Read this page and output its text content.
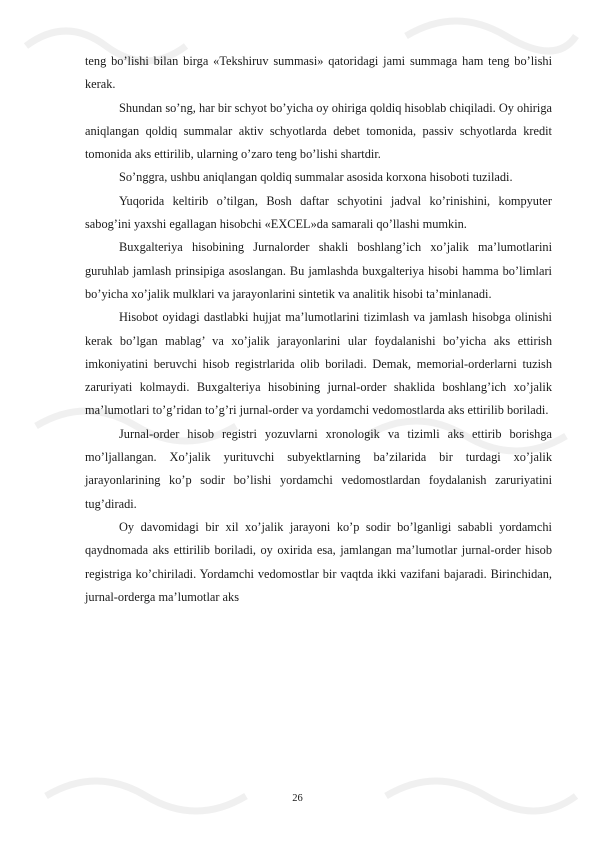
teng bo’lishi bilan birga «Tekshiruv summasi» qatoridagi jami summaga ham teng bo’lishi kerak.

Shundan so’ng, har bir schyot bo’yicha oy ohiriga qoldiq hisoblab chiqiladi. Oy ohiriga aniqlangan qoldiq summalar aktiv schyotlarda debet tomonida, passiv schyotlarda kredit tomonida aks ettirilib, ularning o’zaro teng bo’lishi shartdir.

So’nggra, ushbu aniqlangan qoldiq summalar asosida korxona hisoboti tuziladi.

Yuqorida keltirib o’tilgan, Bosh daftar schyotini jadval ko’rinishini, kompyuter sabog’ini yaxshi egallagan hisobchi «EXCEL»da samarali qo’llashi mumkin.

Buxgalteriya hisobining Jurnalorder shakli boshlang’ich xo’jalik ma’lumotlarini guruhlab jamlash prinsipiga asoslangan. Bu jamlashda buxgalteriya hisobi hamma bo’limlari bo’yicha xo’jalik mulklari va jarayonlarini sintetik va analitik hisobi ta’minlanadi.

Hisobot oyidagi dastlabki hujjat ma’lumotlarini tizimlash va jamlash hisobga olinishi kerak bo’lgan mablag’ va xo’jalik jarayonlarini ular foydalanishi bo’yicha aks ettirish imkoniyatini beruvchi hisob registrlarida olib boriladi. Demak, memorial-orderlarni tuzish zaruriyati kolmaydi. Buxgalteriya hisobining jurnal-order shaklida boshlang’ich xo’jalik ma’lumotlari to’g’ridan to’g’ri jurnal-order va yordamchi vedomostlarda aks ettirilib boriladi.

Jurnal-order hisob registri yozuvlarni xronologik va tizimli aks ettirib borishga mo’ljallangan. Xo’jalik yurituvchi subyektlarning ba’zilarida bir turdagi xo’jalik jarayonlarining ko’p sodir bo’lishi yordamchi vedomostlardan foydalanish zaruriyatini tug’diradi.

Oy davomidagi bir xil xo’jalik jarayoni ko’p sodir bo’lganligi sababli yordamchi qaydnomada aks ettirilib boriladi, oy oxirida esa, jamlangan ma’lumotlar jurnal-order hisob registriga ko’chiriladi. Yordamchi vedomostlar bir vaqtda ikki vazifani bajaradi. Birinchidan, jurnal-orderga ma’lumotlar aks

26
